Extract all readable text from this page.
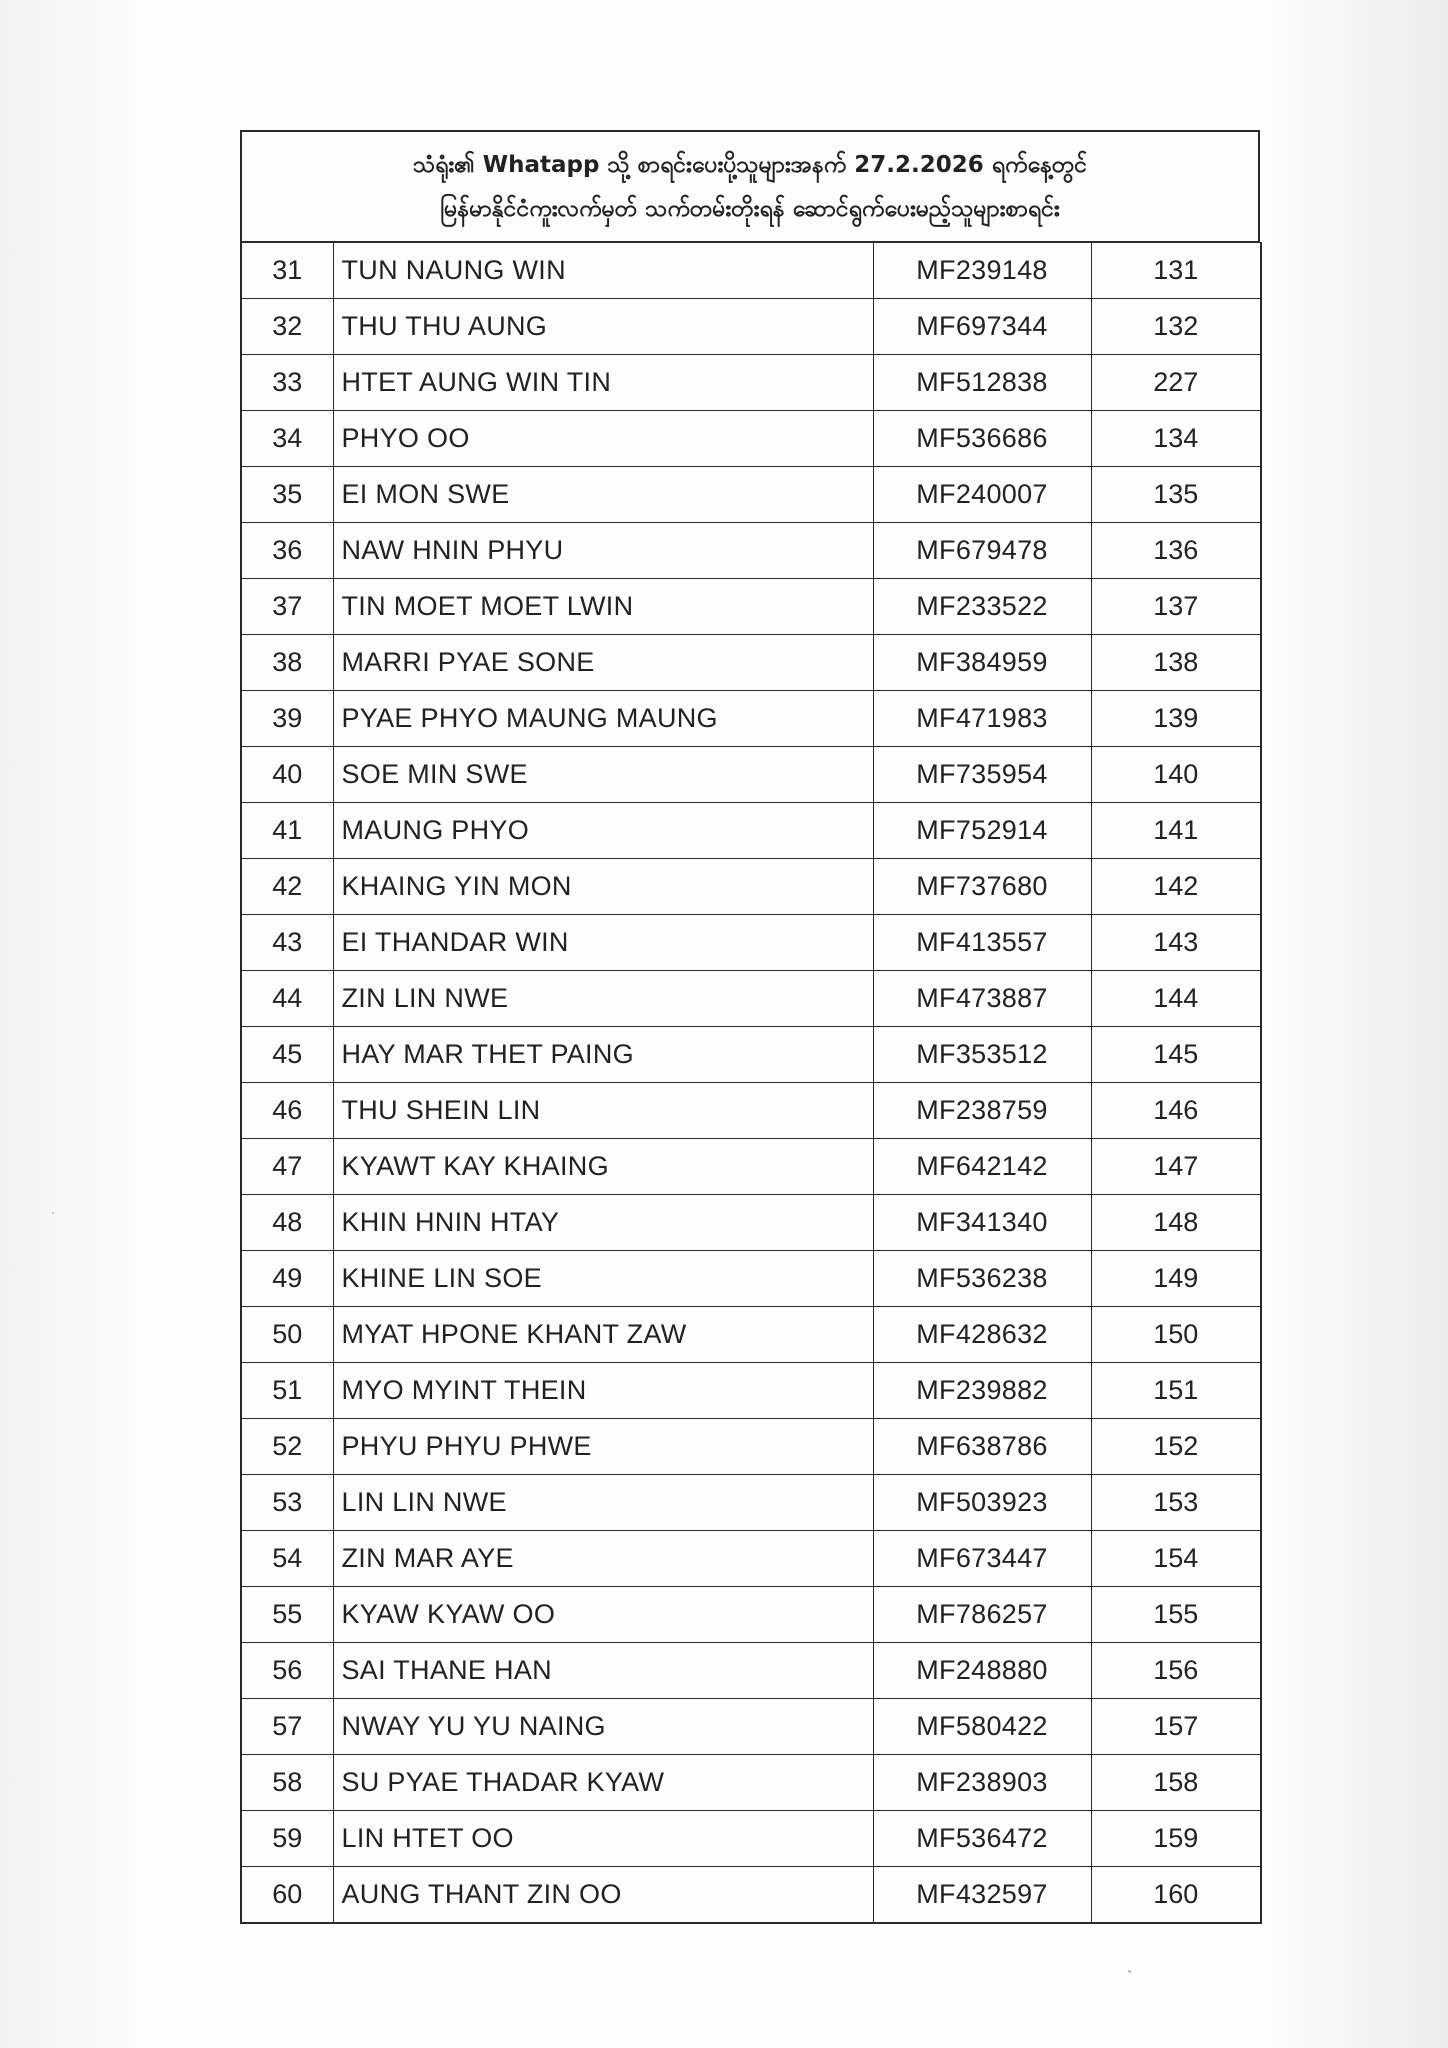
သံရုံး၏ Whatapp သို့ စာရင်းပေးပို့သူများအနက် 27.2.2026 ရက်နေ့တွင်
မြန်မာနိုင်ငံကူးလက်မှတ် သက်တမ်းတိုးရန် ဆောင်ရွက်ပေးမည့်သူများစာရင်း
31	TUN NAUNG WIN	MF239148	131
32	THU THU AUNG	MF697344	132
33	HTET AUNG WIN TIN	MF512838	227
34	PHYO OO	MF536686	134
35	EI MON SWE	MF240007	135
36	NAW HNIN PHYU	MF679478	136
37	TIN MOET MOET LWIN	MF233522	137
38	MARRI PYAE SONE	MF384959	138
39	PYAE PHYO MAUNG MAUNG	MF471983	139
40	SOE MIN SWE	MF735954	140
41	MAUNG PHYO	MF752914	141
42	KHAING YIN MON	MF737680	142
43	EI THANDAR WIN	MF413557	143
44	ZIN LIN NWE	MF473887	144
45	HAY MAR THET PAING	MF353512	145
46	THU SHEIN LIN	MF238759	146
47	KYAWT KAY KHAING	MF642142	147
48	KHIN HNIN HTAY	MF341340	148
49	KHINE LIN SOE	MF536238	149
50	MYAT HPONE KHANT ZAW	MF428632	150
51	MYO MYINT THEIN	MF239882	151
52	PHYU PHYU PHWE	MF638786	152
53	LIN LIN NWE	MF503923	153
54	ZIN MAR AYE	MF673447	154
55	KYAW KYAW OO	MF786257	155
56	SAI THANE HAN	MF248880	156
57	NWAY YU YU NAING	MF580422	157
58	SU PYAE THADAR KYAW	MF238903	158
59	LIN HTET OO	MF536472	159
60	AUNG THANT ZIN OO	MF432597	160
